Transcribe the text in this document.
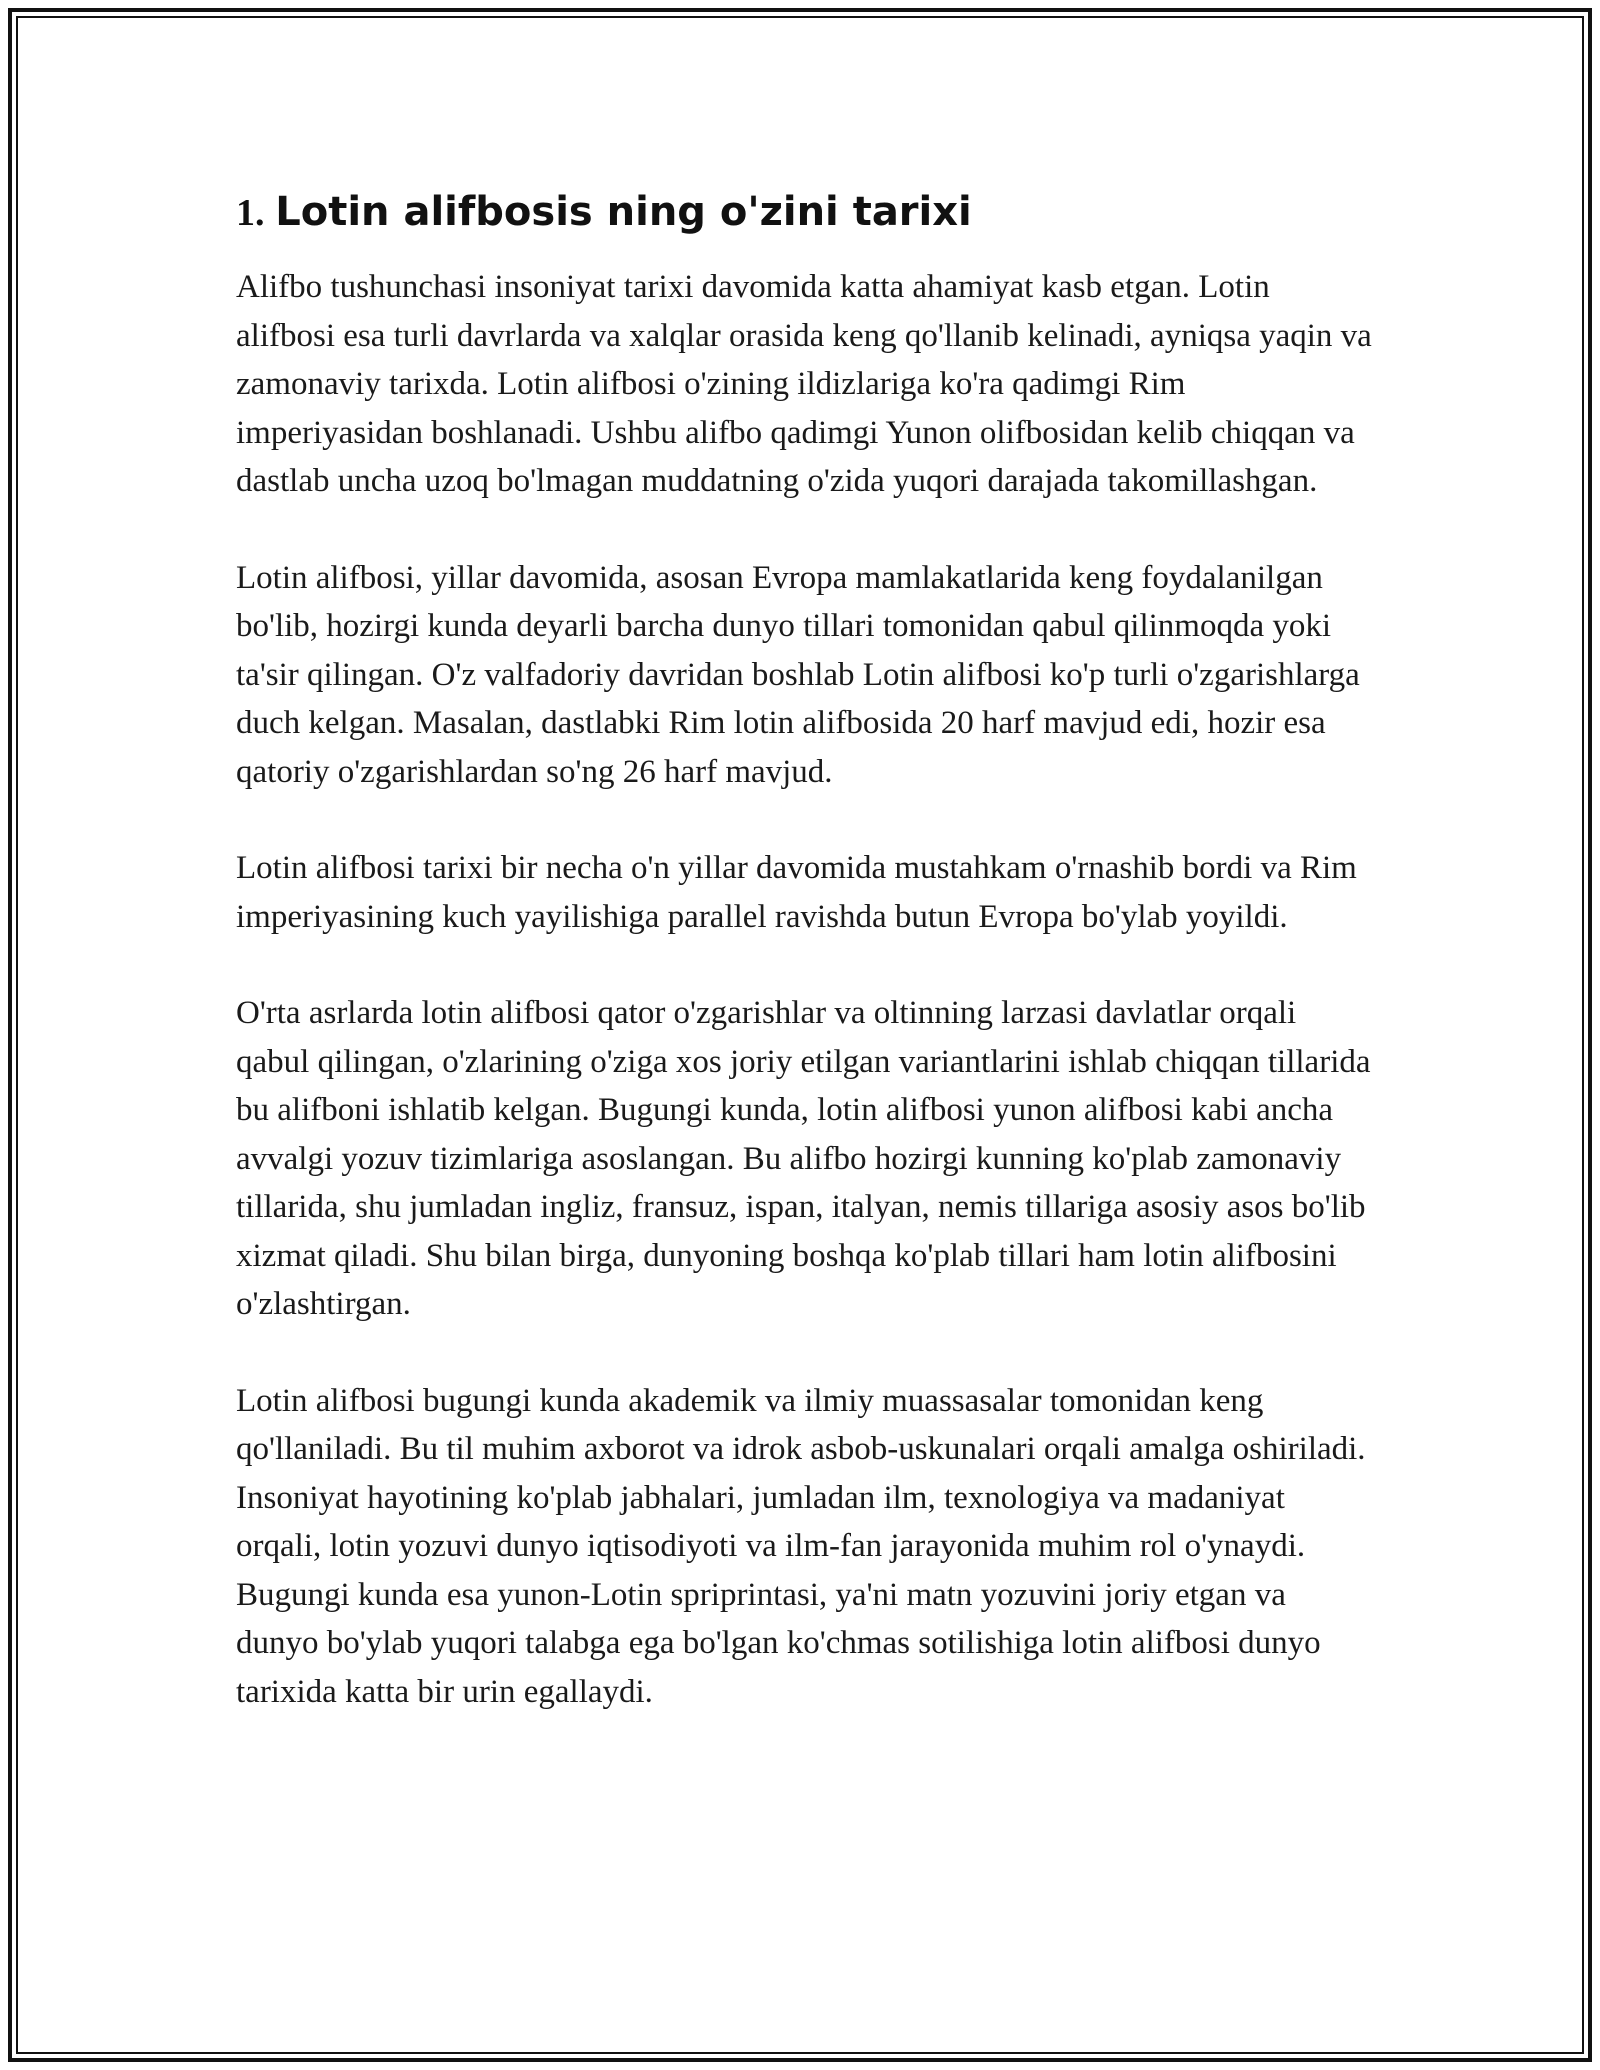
1. Lotin alifbosis ning o'zini tarixi

Alifbo tushunchasi insoniyat tarixi davomida katta ahamiyat kasb etgan. Lotin alifbosi esa turli davrlarda va xalqlar orasida keng qo'llanib kelinadi, ayniqsa yaqin va zamonaviy tarixda. Lotin alifbosi o'zining ildizlariga ko'ra qadimgi Rim imperiyasidan boshlanadi. Ushbu alifbo qadimgi Yunon olifbosidan kelib chiqqan va dastlab uncha uzoq bo'lmagan muddatning o'zida yuqori darajada takomillashgan.

Lotin alifbosi, yillar davomida, asosan Evropa mamlakatlarida keng foydalanilgan bo'lib, hozirgi kunda deyarli barcha dunyo tillari tomonidan qabul qilinmoqda yoki ta'sir qilingan. O'z valfadoriy davridan boshlab Lotin alifbosi ko'p turli o'zgarishlarga duch kelgan. Masalan, dastlabki Rim lotin alifbosida 20 harf mavjud edi, hozir esa qatoriy o'zgarishlardan so'ng 26 harf mavjud.

Lotin alifbosi tarixi bir necha o'n yillar davomida mustahkam o'rnashib bordi va Rim imperiyasining kuch yayilishiga parallel ravishda butun Evropa bo'ylab yoyildi.

O'rta asrlarda lotin alifbosi qator o'zgarishlar va oltinning larzasi davlatlar orqali qabul qilingan, o'zlarining o'ziga xos joriy etilgan variantlarini ishlab chiqqan tillarida bu alifboni ishlatib kelgan. Bugungi kunda, lotin alifbosi yunon alifbosi kabi ancha avvalgi yozuv tizimlariga asoslangan. Bu alifbo hozirgi kunning ko'plab zamonaviy tillarida, shu jumladan ingliz, fransuz, ispan, italyan, nemis tillariga asosiy asos bo'lib xizmat qiladi. Shu bilan birga, dunyoning boshqa ko'plab tillari ham lotin alifbosini o'zlashtirgan.

Lotin alifbosi bugungi kunda akademik va ilmiy muassasalar tomonidan keng qo'llaniladi. Bu til muhim axborot va idrok asbob-uskunalari orqali amalga oshiriladi. Insoniyat hayotining ko'plab jabhalari, jumladan ilm, texnologiya va madaniyat orqali, lotin yozuvi dunyo iqtisodiyoti va ilm-fan jarayonida muhim rol o'ynaydi. Bugungi kunda esa yunon-Lotin spriprintasi, ya'ni matn yozuvini joriy etgan va dunyo bo'ylab yuqori talabga ega bo'lgan ko'chmas sotilishiga lotin alifbosi dunyo tarixida katta bir urin egallaydi.
